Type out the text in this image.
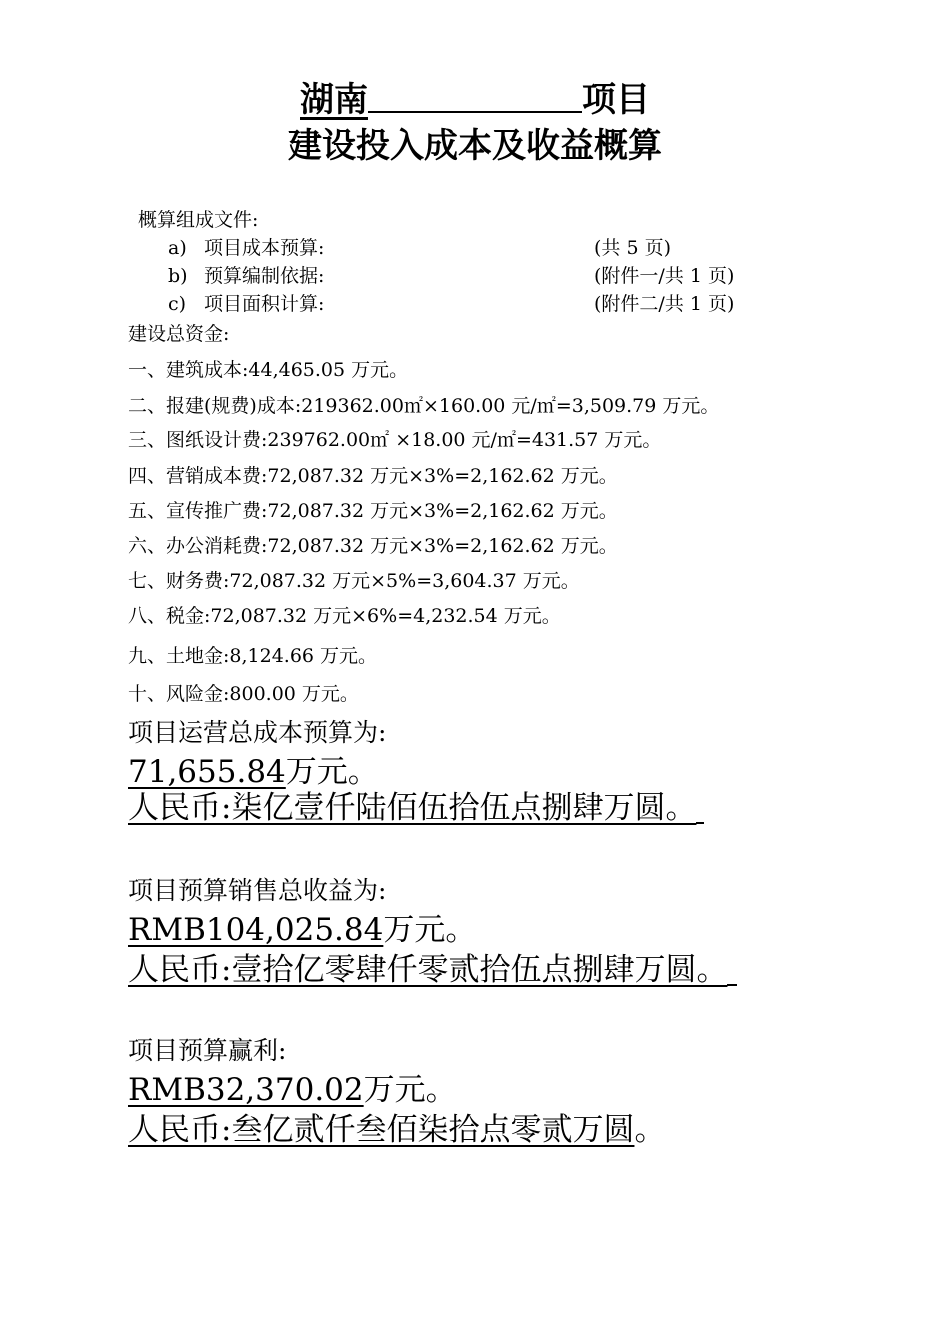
湖南	项目
建设投入成本及收益概算
概算组成文件:
a) 项目成本预算:	(共 5 页)
b) 预算编制依据:	(附件一/共 1 页)
c) 项目面积计算:	(附件二/共 1 页)
建设总资金:
一、建筑成本:44,465.05 万元。
二、报建(规费)成本:219362.00㎡×160.00 元/㎡=3,509.79 万元。
三、图纸设计费:239762.00㎡ ×18.00 元/㎡=431.57 万元。
四、营销成本费:72,087.32 万元×3%=2,162.62 万元。
五、宣传推广费:72,087.32 万元×3%=2,162.62 万元。
六、办公消耗费:72,087.32 万元×3%=2,162.62 万元。
七、财务费:72,087.32 万元×5%=3,604.37 万元。
八、税金:72,087.32 万元×6%=4,232.54 万元。
九、土地金:8,124.66 万元。
十、风险金:800.00 万元。
项目运营总成本预算为:
71,655.84万元。
人民币:柒亿壹仟陆佰伍拾伍点捌肆万圆。
项目预算销售总收益为:
RMB104,025.84万元。
人民币:壹拾亿零肆仟零贰拾伍点捌肆万圆。
项目预算赢利:
RMB32,370.02万元。
人民币:叁亿贰仟叁佰柒拾点零贰万圆。
